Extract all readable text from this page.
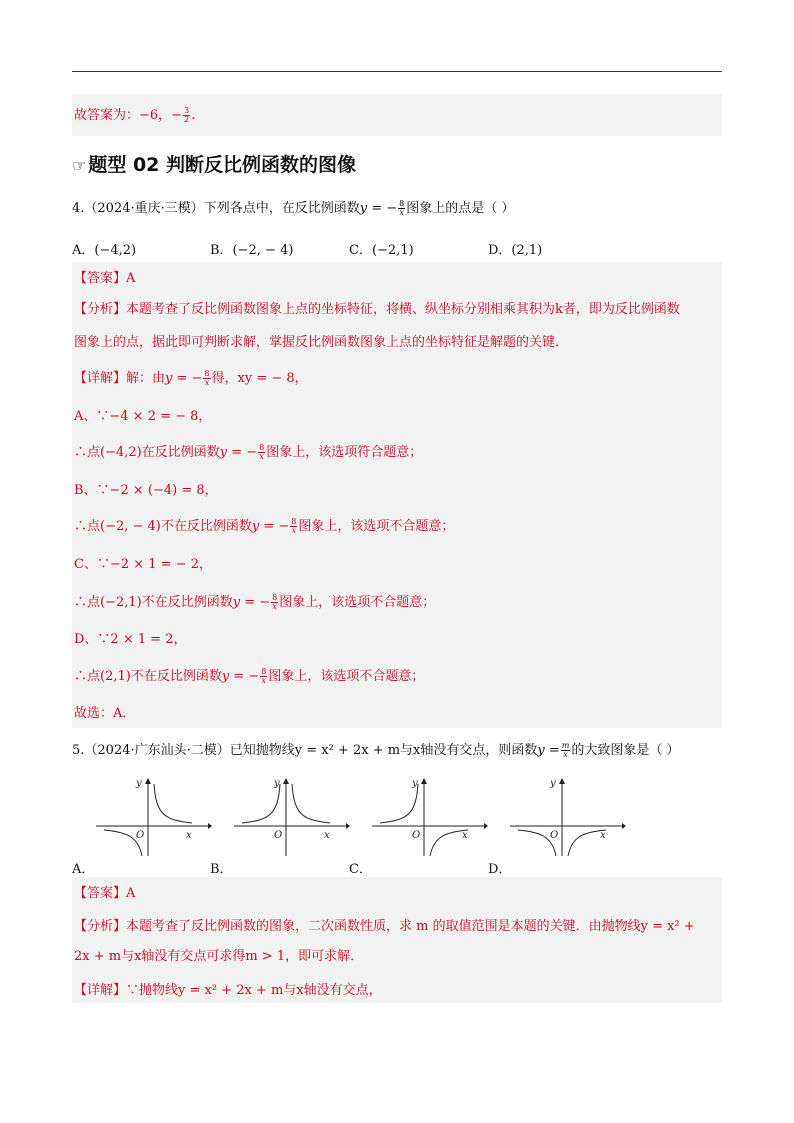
故答案为：−6，− $\frac{3}{2}$ .
☞ 题型 02 判断反比例函数的图像
4.（2024·重庆·三模）下列各点中，在反比例函数y = − $\frac{8}{x}$ 图象上的点是（ ）
A．(−4,2)	B．(−2, − 4)	C．(−2,1)	D．(2,1)
【答案】A
【分析】本题考查了反比例函数图象上点的坐标特征，将横、纵坐标分别相乘其积为k者，即为反比例函数
图象上的点，据此即可判断求解，掌握反比例函数图象上点的坐标特征是解题的关键．
【详解】解：由y = − $\frac{8}{x}$ 得，xy = − 8，
A、∵−4 × 2 = − 8，
∴点(−4,2)在反比例函数y = − $\frac{8}{x}$ 图象上，该选项符合题意；
B、∵−2 × (−4) = 8，
∴点(−2, − 4)不在反比例函数y = − $\frac{8}{x}$ 图象上，该选项不合题意；
C、∵−2 × 1 = − 2，
∴点(−2,1)不在反比例函数y = − $\frac{8}{x}$ 图象上，该选项不合题意；
D、∵2 × 1 = 2，
∴点(2,1)不在反比例函数y = − $\frac{8}{x}$ 图象上，该选项不合题意；
故选：A．
5.（2024·广东汕头·二模）已知抛物线y = x² + 2x + m与x轴没有交点，则函数$y = \frac{m}{x}$ 的大致图象是（ ）
y
x
O
A．
y
x
O
B．
y
x
O
C．
y
x
O
D．
【答案】A
【分析】本题考查了反比例函数的图象，二次函数性质，求 m 的取值范围是本题的关键．由抛物线y = x² +
2x + m与x轴没有交点可求得m > 1，即可求解．
【详解】∵抛物线y = x² + 2x + m与x轴没有交点，
